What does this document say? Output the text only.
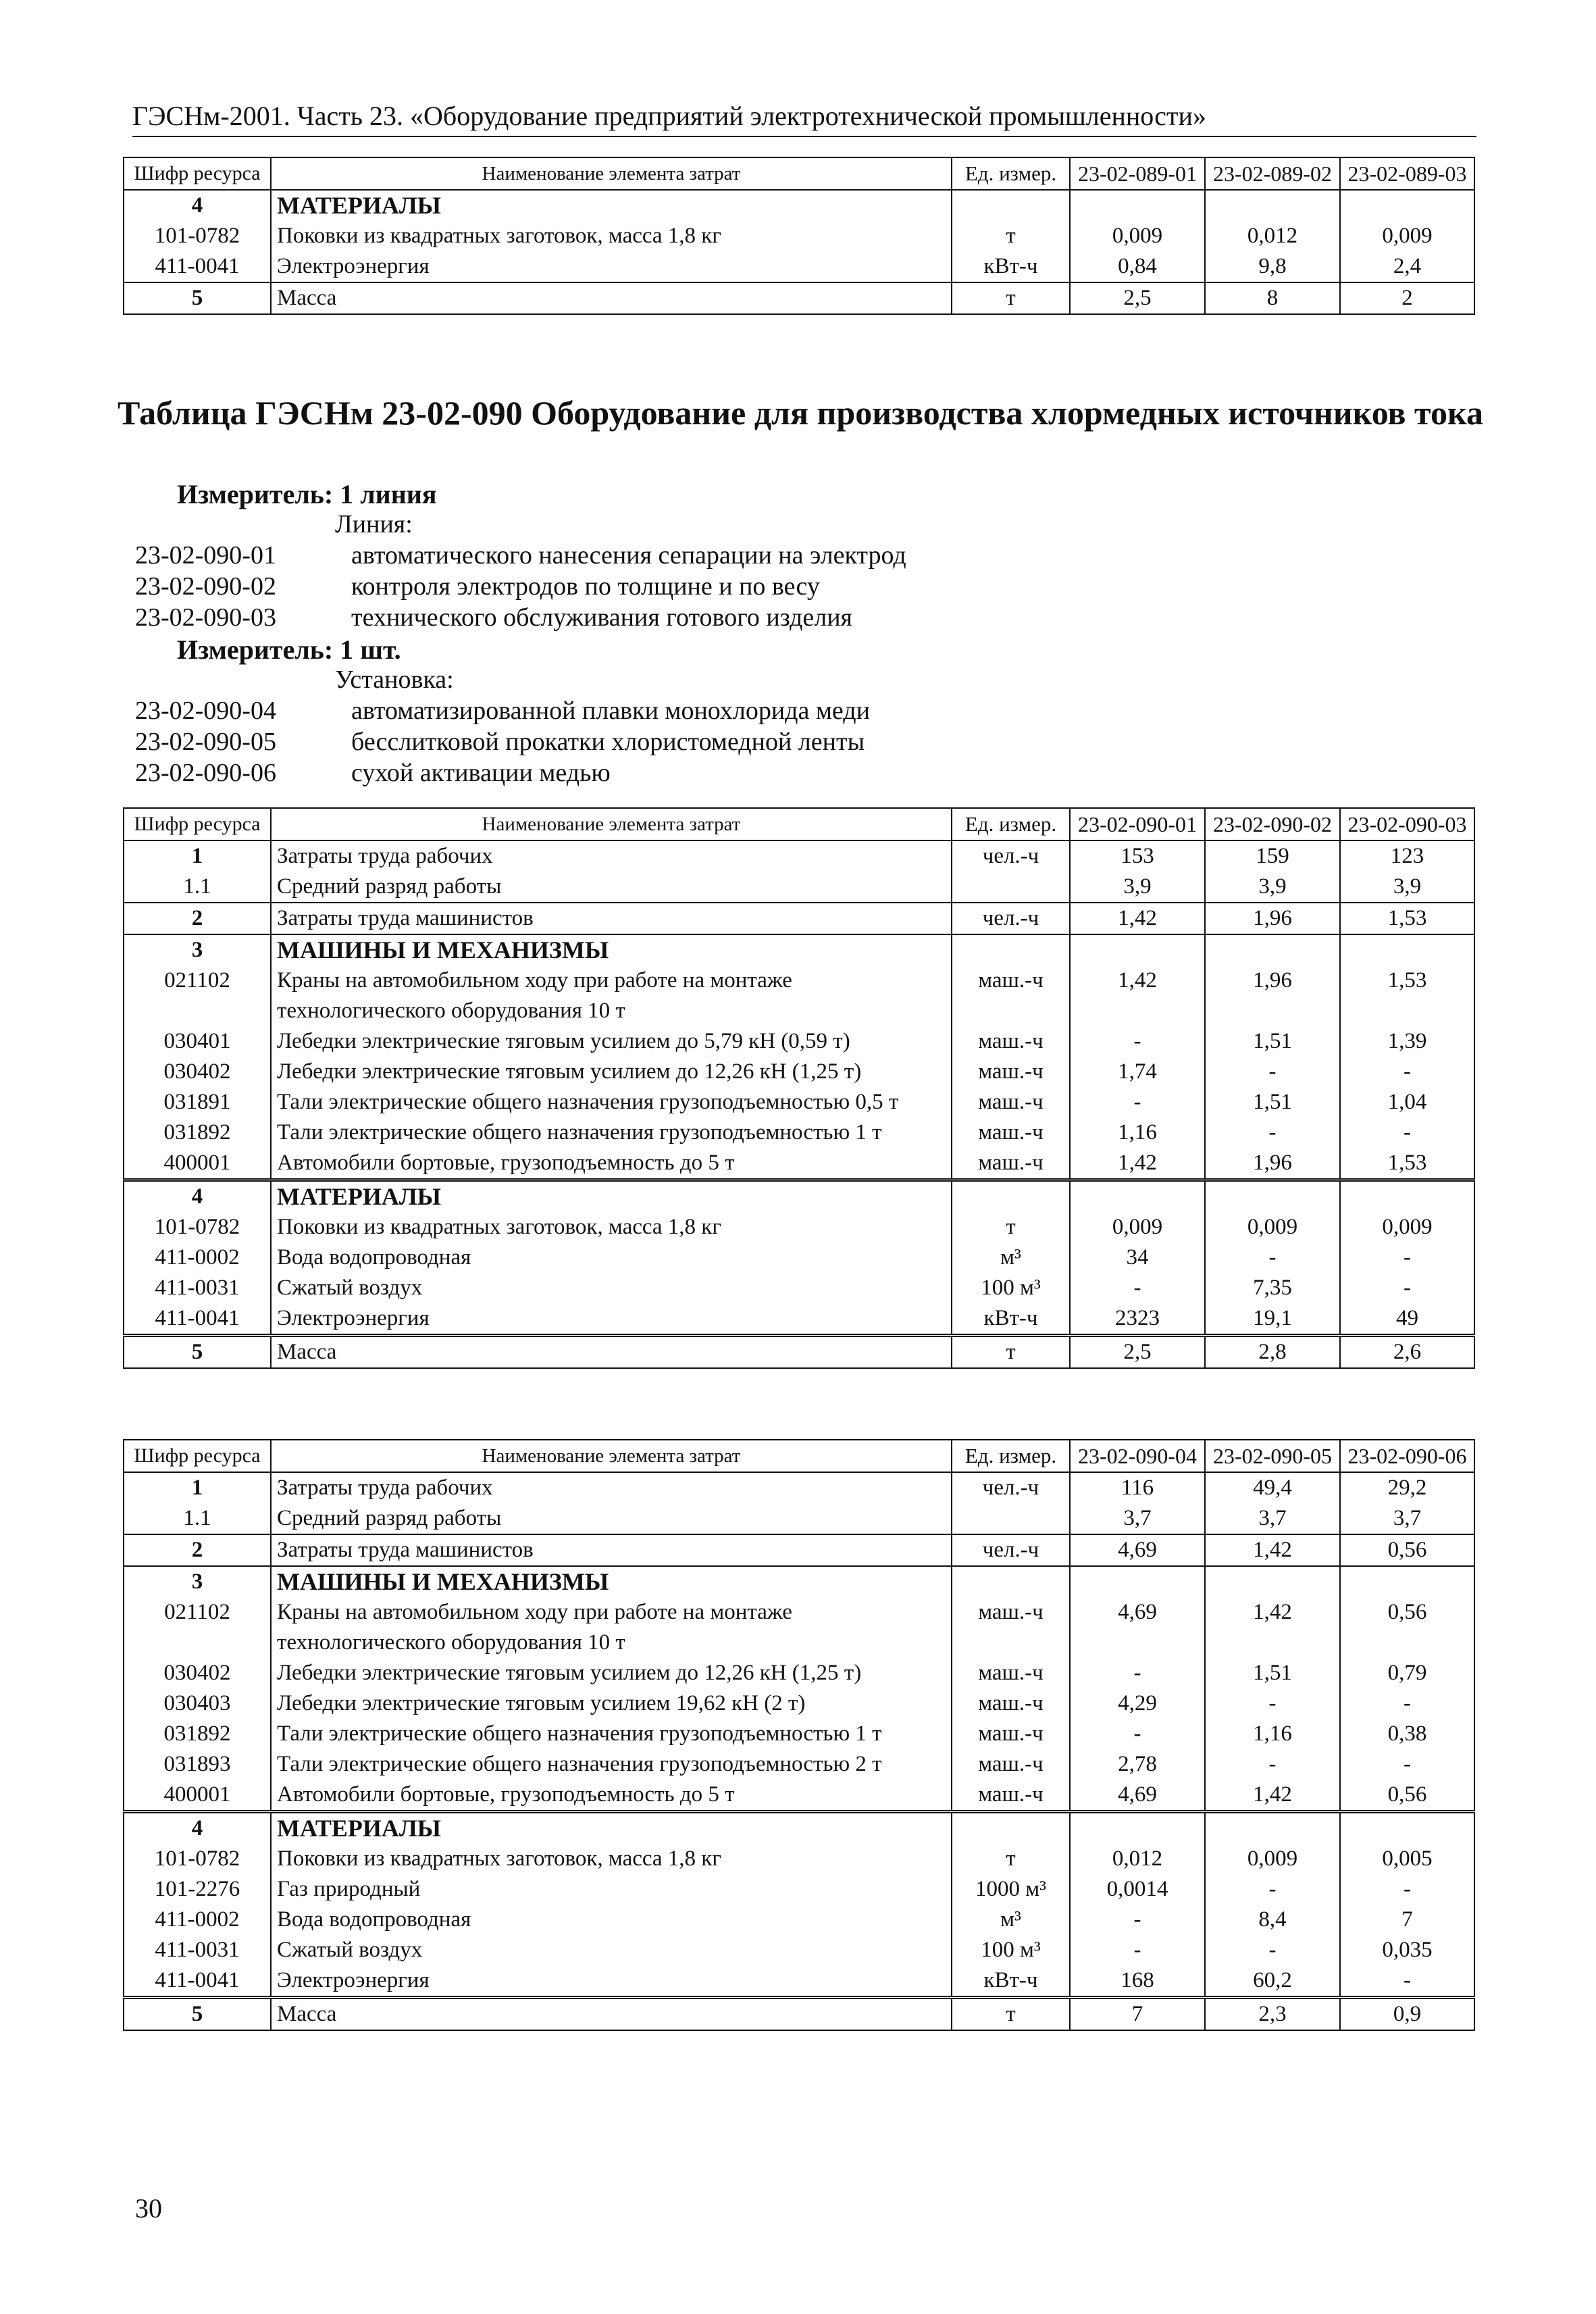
ГЭСНм-2001. Часть 23. «Оборудование предприятий электротехнической промышленности»
Шифр ресурса	Наименование элемента затрат	Ед. измер.	23-02-089-01	23-02-089-02	23-02-089-03
4	МАТЕРИАЛЫ				
101-0782	Поковки из квадратных заготовок, масса 1,8 кг	т	0,009	0,012	0,009
411-0041	Электроэнергия	кВт-ч	0,84	9,8	2,4
5	Масса	т	2,5	8	2
Таблица ГЭСНм 23-02-090 Оборудование для производства хлормедных источников тока
Измеритель: 1 линия
Линия:
23-02-090-01	автоматического нанесения сепарации на электрод
23-02-090-02	контроля электродов по толщине и по весу
23-02-090-03	технического обслуживания готового изделия
Измеритель: 1 шт.
Установка:
23-02-090-04	автоматизированной плавки монохлорида меди
23-02-090-05	бесслитковой прокатки хлористомедной ленты
23-02-090-06	сухой активации медью
Шифр ресурса	Наименование элемента затрат	Ед. измер.	23-02-090-01	23-02-090-02	23-02-090-03
1	Затраты труда рабочих	чел.-ч	153	159	123
1.1	Средний разряд работы		3,9	3,9	3,9
2	Затраты труда машинистов	чел.-ч	1,42	1,96	1,53
3	МАШИНЫ И МЕХАНИЗМЫ				
021102	Краны на автомобильном ходу при работе на монтаже технологического оборудования 10 т	маш.-ч	1,42	1,96	1,53
030401	Лебедки электрические тяговым усилием до 5,79 кН (0,59 т)	маш.-ч	-	1,51	1,39
030402	Лебедки электрические тяговым усилием до 12,26 кН (1,25 т)	маш.-ч	1,74	-	-
031891	Тали электрические общего назначения грузоподъемностью 0,5 т	маш.-ч	-	1,51	1,04
031892	Тали электрические общего назначения грузоподъемностью 1 т	маш.-ч	1,16	-	-
400001	Автомобили бортовые, грузоподъемность до 5 т	маш.-ч	1,42	1,96	1,53
4	МАТЕРИАЛЫ				
101-0782	Поковки из квадратных заготовок, масса 1,8 кг	т	0,009	0,009	0,009
411-0002	Вода водопроводная	м³	34	-	-
411-0031	Сжатый воздух	100 м³	-	7,35	-
411-0041	Электроэнергия	кВт-ч	2323	19,1	49
5	Масса	т	2,5	2,8	2,6
Шифр ресурса	Наименование элемента затрат	Ед. измер.	23-02-090-04	23-02-090-05	23-02-090-06
1	Затраты труда рабочих	чел.-ч	116	49,4	29,2
1.1	Средний разряд работы		3,7	3,7	3,7
2	Затраты труда машинистов	чел.-ч	4,69	1,42	0,56
3	МАШИНЫ И МЕХАНИЗМЫ				
021102	Краны на автомобильном ходу при работе на монтаже технологического оборудования 10 т	маш.-ч	4,69	1,42	0,56
030402	Лебедки электрические тяговым усилием до 12,26 кН (1,25 т)	маш.-ч	-	1,51	0,79
030403	Лебедки электрические тяговым усилием 19,62 кН (2 т)	маш.-ч	4,29	-	-
031892	Тали электрические общего назначения грузоподъемностью 1 т	маш.-ч	-	1,16	0,38
031893	Тали электрические общего назначения грузоподъемностью 2 т	маш.-ч	2,78	-	-
400001	Автомобили бортовые, грузоподъемность до 5 т	маш.-ч	4,69	1,42	0,56
4	МАТЕРИАЛЫ				
101-0782	Поковки из квадратных заготовок, масса 1,8 кг	т	0,012	0,009	0,005
101-2276	Газ природный	1000 м³	0,0014	-	-
411-0002	Вода водопроводная	м³	-	8,4	7
411-0031	Сжатый воздух	100 м³	-	-	0,035
411-0041	Электроэнергия	кВт-ч	168	60,2	-
5	Масса	т	7	2,3	0,9
30
